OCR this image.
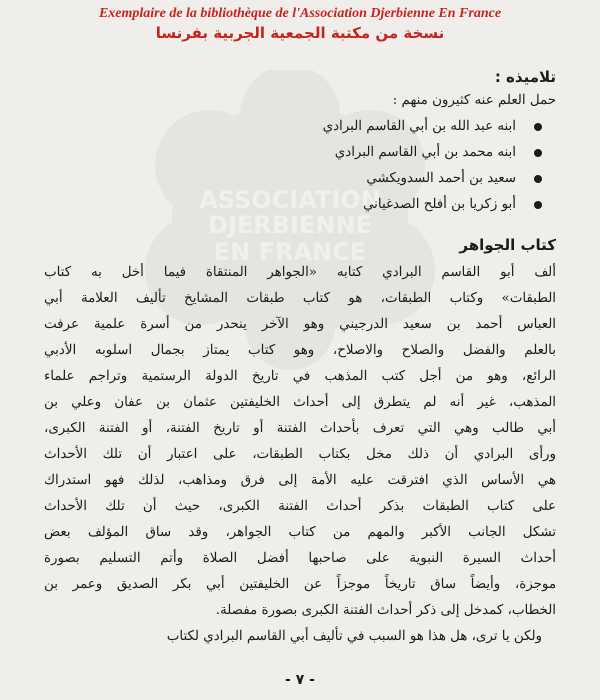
Exemplaire de la bibliothèque de l'Association Djerbienne En France
نسخة من مكتبة الجمعية الجربية بفرنسا
ASSOCIATION
DJERBIENNE
EN FRANCE

تلاميذه :

حمل العلم عنه كثيرون منهم :

ابنه عبد الله بن أبي القاسم البرادي
ابنه محمد بن أبي القاسم البرادي
سعيد بن أحمد السدويكشي
أبو زكريا بن أفلح الصدغياني

كتاب الجواهر

ألف أبو القاسم البرادي كتابه «الجواهر المنتقاة فيما أخل به كتاب

الطبقات» وكتاب الطبقات، هو كتاب طبقات المشايخ تأليف العلامة أبي

العباس أحمد بن سعيد الدرجيني وهو الآخر ينحدر من أسرة علمية عرفت

بالعلم والفضل والصلاح والاصلاح، وهو كتاب يمتاز بجمال اسلوبه الأدبي

الرائع، وهو من أجل كتب المذهب في تاريخ الدولة الرستمية وتراجم علماء

المذهب، غير أنه لم يتطرق إلى أحداث الخليفتين عثمان بن عفان وعلي بن

أبي طالب وهي التي تعرف بأحداث الفتنة أو تاريخ الفتنة، أو الفتنة الكبرى،

ورأى البرادي أن ذلك مخل بكتاب الطبقات، على اعتبار أن تلك الأحداث

هي الأساس الذي افترقت عليه الأمة إلى فرق ومذاهب، لذلك فهو استدراك

على كتاب الطبقات بذكر أحداث الفتنة الكبرى، حيث أن تلك الأحداث

تشكل الجانب الأكبر والمهم من كتاب الجواهر، وقد ساق المؤلف بعض

أحداث السيرة النبوية على صاحبها أفضل الصلاة وأتم التسليم بصورة

موجزة، وأيضاً ساق تاريخاً موجزاً عن الخليفتين أبي بكر الصديق وعمر بن

الخطاب، كمدخل إلى ذكر أحداث الفتنة الكبرى بصورة مفصلة.

ولكن يا ترى، هل هذا هو السبب في تأليف أبي القاسم البرادي لكتاب

- ٧ -
